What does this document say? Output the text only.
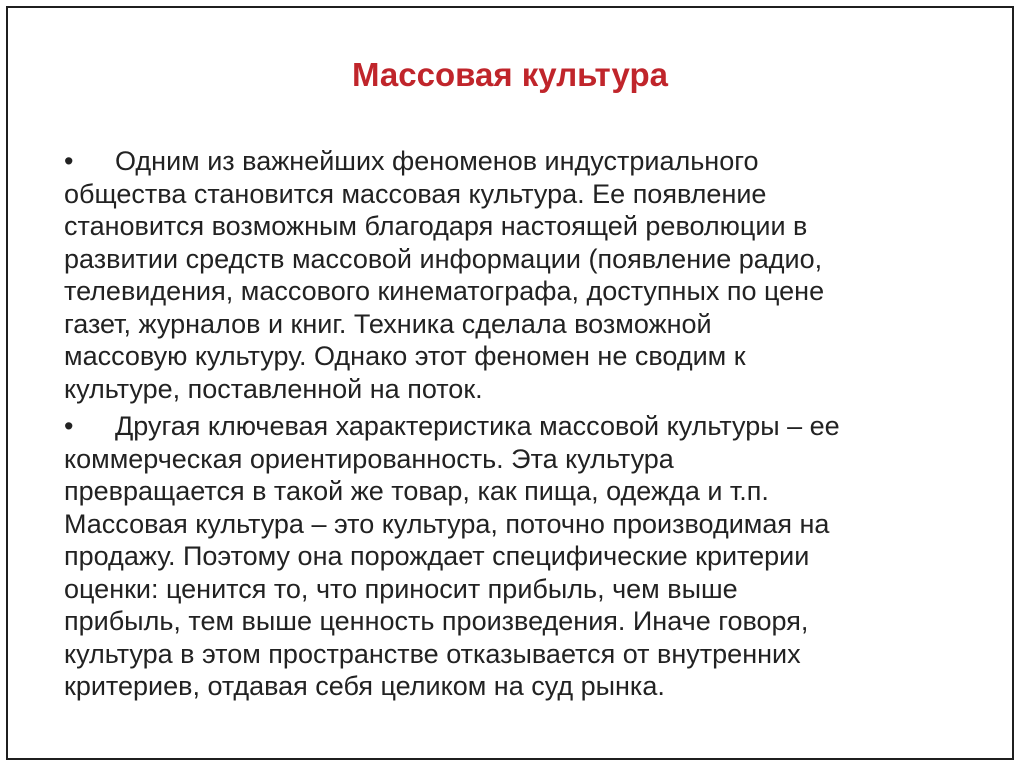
Массовая культура
•	Одним из важнейших феноменов индустриального
общества становится массовая культура. Ее появление
становится возможным благодаря настоящей революции в
развитии средств массовой информации (появление радио,
телевидения, массового кинематографа, доступных по цене
газет, журналов и книг. Техника сделала возможной
массовую культуру. Однако этот феномен не сводим к
культуре, поставленной на поток.

•	Другая ключевая характеристика массовой культуры – ее
коммерческая ориентированность. Эта культура
превращается в такой же товар, как пища, одежда и т.п.
Массовая культура – это культура, поточно производимая на
продажу. Поэтому она порождает специфические критерии
оценки: ценится то, что приносит прибыль, чем выше
прибыль, тем выше ценность произведения. Иначе говоря,
культура в этом пространстве отказывается от внутренних
критериев, отдавая себя целиком на суд рынка.
